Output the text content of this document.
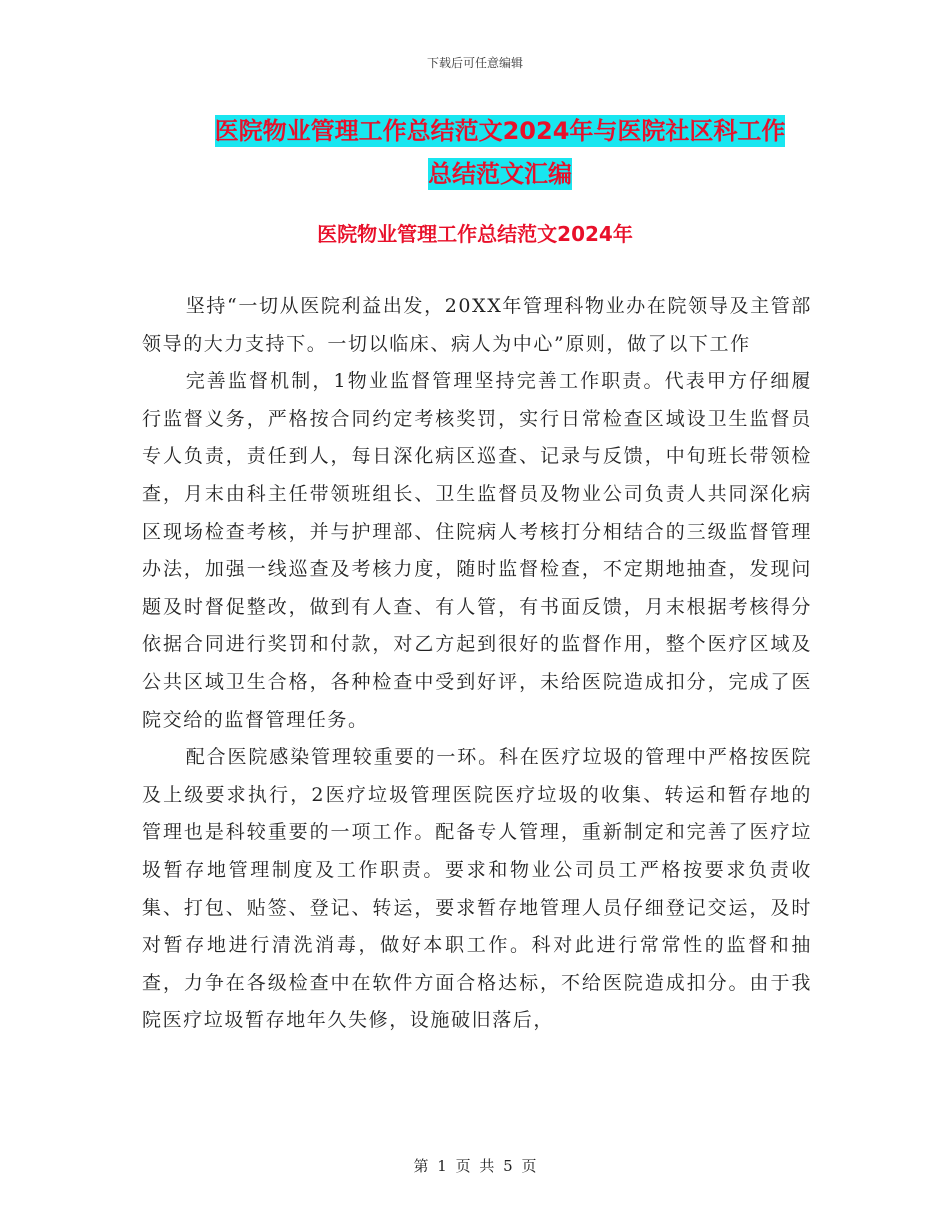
下载后可任意编辑
医院物业管理工作总结范文2024年与医院社区科工作
总结范文汇编
医院物业管理工作总结范文2024年

坚持“一切从医院利益出发，20XX年管理科物业办在院领导及主管部领导的大力支持下。一切以临床、病人为中心”原则，做了以下工作

完善监督机制，1物业监督管理坚持完善工作职责。代表甲方仔细履行监督义务，严格按合同约定考核奖罚，实行日常检查区域设卫生监督员专人负责，责任到人，每日深化病区巡查、记录与反馈，中旬班长带领检查，月末由科主任带领班组长、卫生监督员及物业公司负责人共同深化病区现场检查考核，并与护理部、住院病人考核打分相结合的三级监督管理办法，加强一线巡查及考核力度，随时监督检查，不定期地抽查，发现问题及时督促整改，做到有人查、有人管，有书面反馈，月末根据考核得分依据合同进行奖罚和付款，对乙方起到很好的监督作用，整个医疗区域及公共区域卫生合格，各种检查中受到好评，未给医院造成扣分，完成了医院交给的监督管理任务。

配合医院感染管理较重要的一环。科在医疗垃圾的管理中严格按医院及上级要求执行，2医疗垃圾管理医院医疗垃圾的收集、转运和暂存地的管理也是科较重要的一项工作。配备专人管理，重新制定和完善了医疗垃圾暂存地管理制度及工作职责。要求和物业公司员工严格按要求负责收集、打包、贴签、登记、转运，要求暂存地管理人员仔细登记交运，及时对暂存地进行清洗消毒，做好本职工作。科对此进行常常性的监督和抽查，力争在各级检查中在软件方面合格达标，不给医院造成扣分。由于我院医疗垃圾暂存地年久失修，设施破旧落后，

第 1 页 共 5 页
